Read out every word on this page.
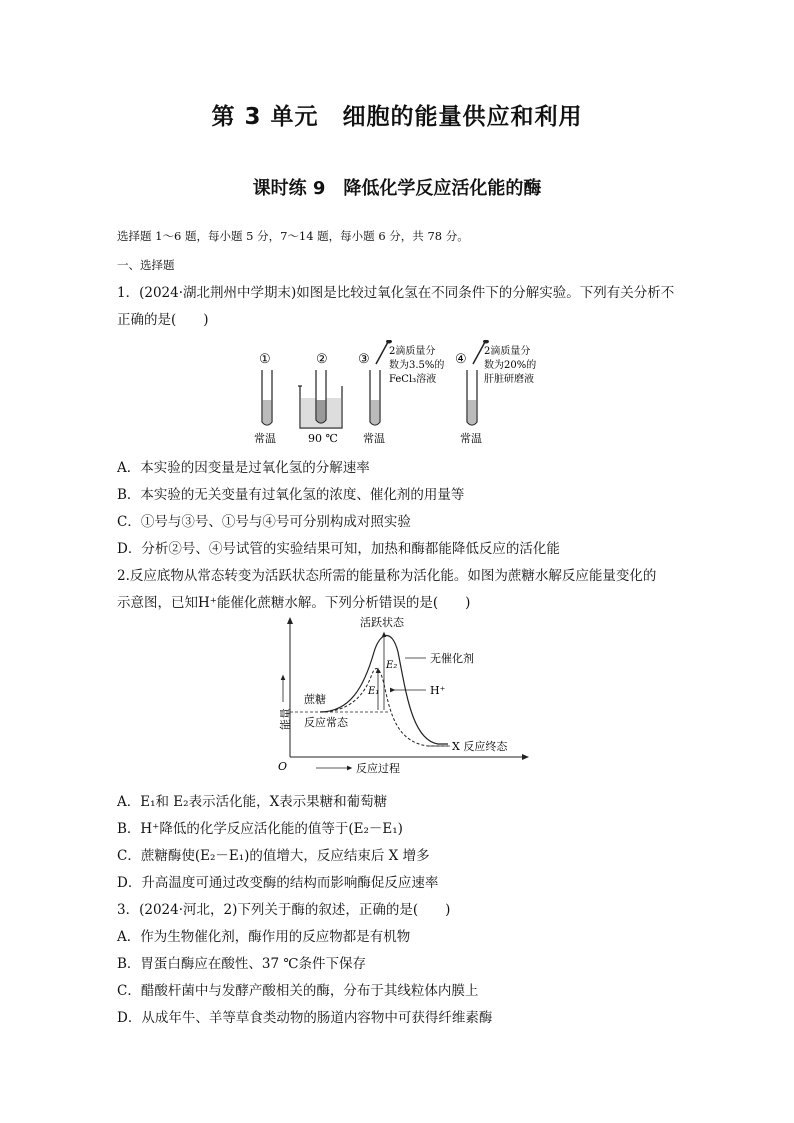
第 3 单元　细胞的能量供应和利用
课时练 9　降低化学反应活化能的酶
选择题 1～6 题，每小题 5 分，7～14 题，每小题 6 分，共 78 分。
一、选择题
1．(2024·湖北荆州中学期末)如图是比较过氧化氢在不同条件下的分解实验。下列有关分析不
正确的是(　　)
①
常温
②
90 ℃
③
2滴质量分
数为3.5%的
FeCl₃溶液
常温
④
2滴质量分
数为20%的
肝脏研磨液
常温
A．本实验的因变量是过氧化氢的分解速率
B．本实验的无关变量有过氧化氢的浓度、催化剂的用量等
C．①号与③号、①号与④号可分别构成对照实验
D．分析②号、④号试管的实验结果可知，加热和酶都能降低反应的活化能
2.反应底物从常态转变为活跃状态所需的能量称为活化能。如图为蔗糖水解反应能量变化的
示意图，已知H⁺能催化蔗糖水解。下列分析错误的是(　　)
O
能量
反应过程
E₂
E₁
活跃状态
无催化剂
H⁺
蔗糖
反应常态
X 反应终态
A．E₁和 E₂表示活化能，X表示果糖和葡萄糖
B．H⁺降低的化学反应活化能的值等于(E₂－E₁)
C．蔗糖酶使(E₂－E₁)的值增大，反应结束后 X 增多
D．升高温度可通过改变酶的结构而影响酶促反应速率
3．(2024·河北，2)下列关于酶的叙述，正确的是(　　)
A．作为生物催化剂，酶作用的反应物都是有机物
B．胃蛋白酶应在酸性、37 ℃条件下保存
C．醋酸杆菌中与发酵产酸相关的酶，分布于其线粒体内膜上
D．从成年牛、羊等草食类动物的肠道内容物中可获得纤维素酶
